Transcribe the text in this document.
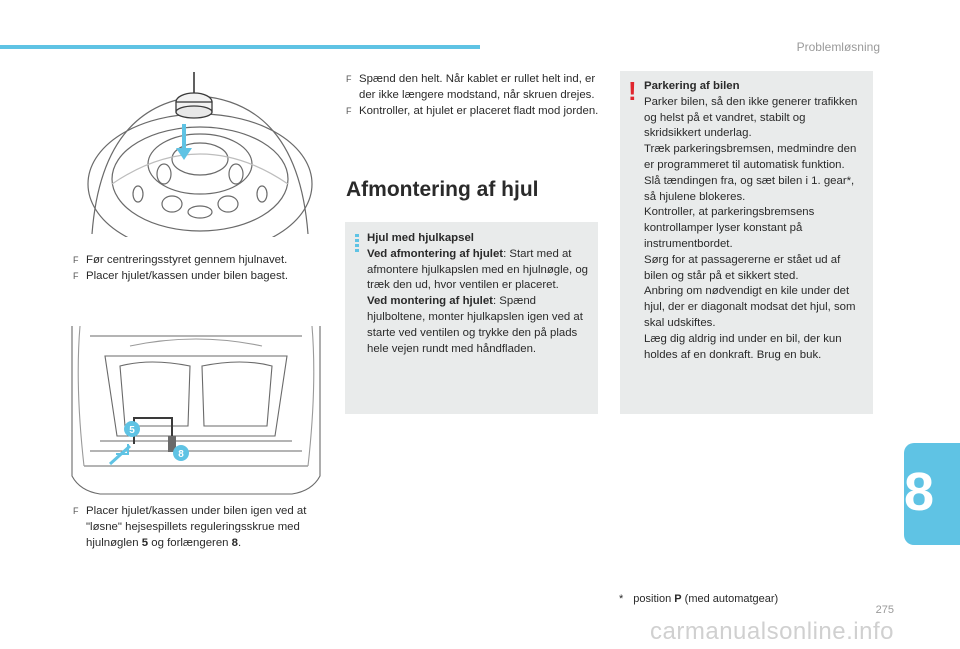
Problemløsning
F Før centreringsstyret gennem hjulnavet.
F Placer hjulet/kassen under bilen bagest.
5
8
F Placer hjulet/kassen under bilen igen ved at "løsne" hejsespillets reguleringsskrue med hjulnøglen 5 og forlængeren 8.
F Spænd den helt. Når kablet er rullet helt ind, er der ikke længere modstand, når skruen drejes.
F Kontroller, at hjulet er placeret fladt mod jorden.
Afmontering af hjul
Hjul med hjulkapsel
Ved afmontering af hjulet: Start med at afmontere hjulkapslen med en hjulnøgle, og træk den ud, hvor ventilen er placeret.
Ved montering af hjulet: Spænd hjulboltene, monter hjulkapslen igen ved at starte ved ventilen og trykke den på plads hele vejen rundt med håndfladen.
! Parkering af bilen
Parker bilen, så den ikke generer trafikken og helst på et vandret, stabilt og skridsikkert underlag.
Træk parkeringsbremsen, medmindre den er programmeret til automatisk funktion.
Slå tændingen fra, og sæt bilen i 1. gear*, så hjulene blokeres.
Kontroller, at parkeringsbremsens kontrollamper lyser konstant på instrumentbordet.
Sørg for at passagererne er stået ud af bilen og står på et sikkert sted.
Anbring om nødvendigt en kile under det hjul, der er diagonalt modsat det hjul, som skal udskiftes.
Læg dig aldrig ind under en bil, der kun holdes af en donkraft. Brug en buk.
* position P (med automatgear)
8
275
carmanualsonline.info
